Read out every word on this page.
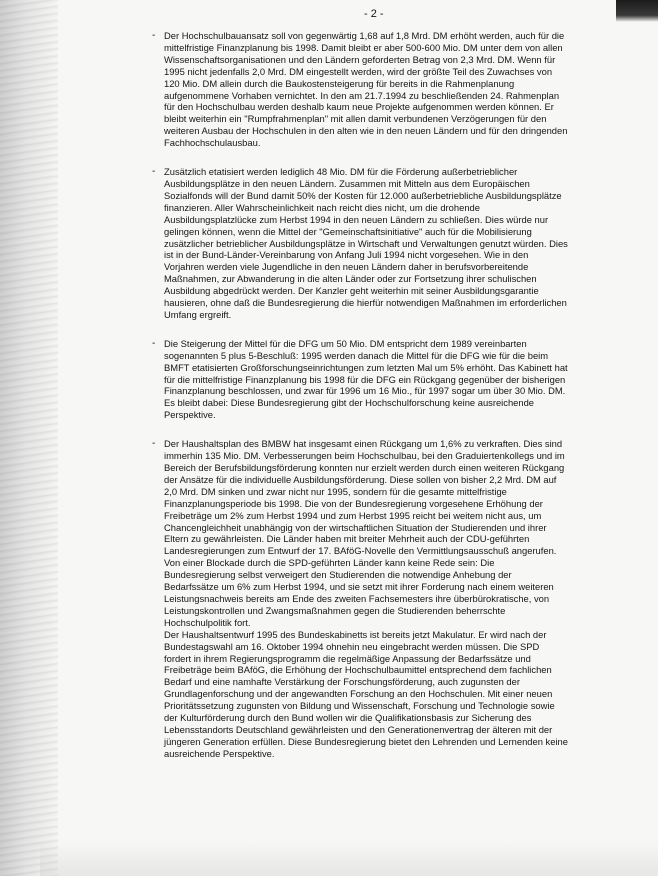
- 2 -
- Der Hochschulbauansatz soll von gegenwärtig 1,68 auf 1,8 Mrd. DM erhöht werden, auch für die mittelfristige Finanzplanung bis 1998. Damit bleibt er aber 500-600 Mio. DM unter dem von allen Wissenschaftsorganisationen und den Ländern geforderten Betrag von 2,3 Mrd. DM. Wenn für 1995 nicht jedenfalls 2,0 Mrd. DM eingestellt werden, wird der größte Teil des Zuwachses von 120 Mio. DM allein durch die Baukostensteigerung für bereits in die Rahmenplanung aufgenommene Vorhaben vernichtet. In den am 21.7.1994 zu beschließenden 24. Rahmenplan für den Hochschulbau werden deshalb kaum neue Projekte aufgenommen werden können. Er bleibt weiterhin ein "Rumpfrahmenplan" mit allen damit verbundenen Verzögerungen für den weiteren Ausbau der Hochschulen in den alten wie in den neuen Ländern und für den dringenden Fachhochschulausbau.

- Zusätzlich etatisiert werden lediglich 48 Mio. DM für die Förderung außerbetrieblicher Ausbildungsplätze in den neuen Ländern. Zusammen mit Mitteln aus dem Europäischen Sozialfonds will der Bund damit 50% der Kosten für 12.000 außerbetriebliche Ausbildungsplätze finanzieren. Aller Wahrscheinlichkeit nach reicht dies nicht, um die drohende Ausbildungsplatzlücke zum Herbst 1994 in den neuen Ländern zu schließen. Dies würde nur gelingen können, wenn die Mittel der "Gemeinschaftsinitiative" auch für die Mobilisierung zusätzlicher betrieblicher Ausbildungsplätze in Wirtschaft und Verwaltungen genutzt würden. Dies ist in der Bund-Länder-Vereinbarung von Anfang Juli 1994 nicht vorgesehen. Wie in den Vorjahren werden viele Jugendliche in den neuen Ländern daher in berufsvorbereitende Maßnahmen, zur Abwanderung in die alten Länder oder zur Fortsetzung ihrer schulischen Ausbildung abgedrückt werden. Der Kanzler geht weiterhin mit seiner Ausbildungsgarantie hausieren, ohne daß die Bundesregierung die hierfür notwendigen Maßnahmen im erforderlichen Umfang ergreift.

- Die Steigerung der Mittel für die DFG um 50 Mio. DM entspricht dem 1989 vereinbarten sogenannten 5 plus 5-Beschluß: 1995 werden danach die Mittel für die DFG wie für die beim BMFT etatisierten Großforschungseinrichtungen zum letzten Mal um 5% erhöht. Das Kabinett hat für die mittelfristige Finanzplanung bis 1998 für die DFG ein Rückgang gegenüber der bisherigen Finanzplanung beschlossen, und zwar für 1996 um 16 Mio., für 1997 sogar um über 30 Mio. DM. Es bleibt dabei: Diese Bundesregierung gibt der Hochschulforschung keine ausreichende Perspektive.

- Der Haushaltsplan des BMBW hat insgesamt einen Rückgang um 1,6% zu verkraften. Dies sind immerhin 135 Mio. DM. Verbesserungen beim Hochschulbau, bei den Graduiertenkollegs und im Bereich der Berufsbildungsförderung konnten nur erzielt werden durch einen weiteren Rückgang der Ansätze für die individuelle Ausbildungsförderung. Diese sollen von bisher 2,2 Mrd. DM auf 2,0 Mrd. DM sinken und zwar nicht nur 1995, sondern für die gesamte mittelfristige Finanzplanungsperiode bis 1998. Die von der Bundesregierung vorgesehene Erhöhung der Freibeträge um 2% zum Herbst 1994 und zum Herbst 1995 reicht bei weitem nicht aus, um Chancengleichheit unabhängig von der wirtschaftlichen Situation der Studierenden und ihrer Eltern zu gewährleisten. Die Länder haben mit breiter Mehrheit auch der CDU-geführten Landesregierungen zum Entwurf der 17. BAföG-Novelle den Vermittlungsausschuß angerufen. Von einer Blockade durch die SPD-geführten Länder kann keine Rede sein: Die Bundesregierung selbst verweigert den Studierenden die notwendige Anhebung der Bedarfssätze um 6% zum Herbst 1994, und sie setzt mit ihrer Forderung nach einem weiteren Leistungsnachweis bereits am Ende des zweiten Fachsemesters ihre überbürokratische, von Leistungskontrollen und Zwangsmaßnahmen gegen die Studierenden beherrschte Hochschulpolitik fort.

Der Haushaltsentwurf 1995 des Bundeskabinetts ist bereits jetzt Makulatur. Er wird nach der Bundestagswahl am 16. Oktober 1994 ohnehin neu eingebracht werden müssen. Die SPD fordert in ihrem Regierungsprogramm die regelmäßige Anpassung der Bedarfssätze und Freibeträge beim BAföG, die Erhöhung der Hochschulbaumittel entsprechend dem fachlichen Bedarf und eine namhafte Verstärkung der Forschungsförderung, auch zugunsten der Grundlagenforschung und der angewandten Forschung an den Hochschulen. Mit einer neuen Prioritätssetzung zugunsten von Bildung und Wissenschaft, Forschung und Technologie sowie der Kulturförderung durch den Bund wollen wir die Qualifikationsbasis zur Sicherung des Lebensstandorts Deutschland gewährleisten und den Generationenvertrag der älteren mit der jüngeren Generation erfüllen. Diese Bundesregierung bietet den Lehrenden und Lernenden keine ausreichende Perspektive.
